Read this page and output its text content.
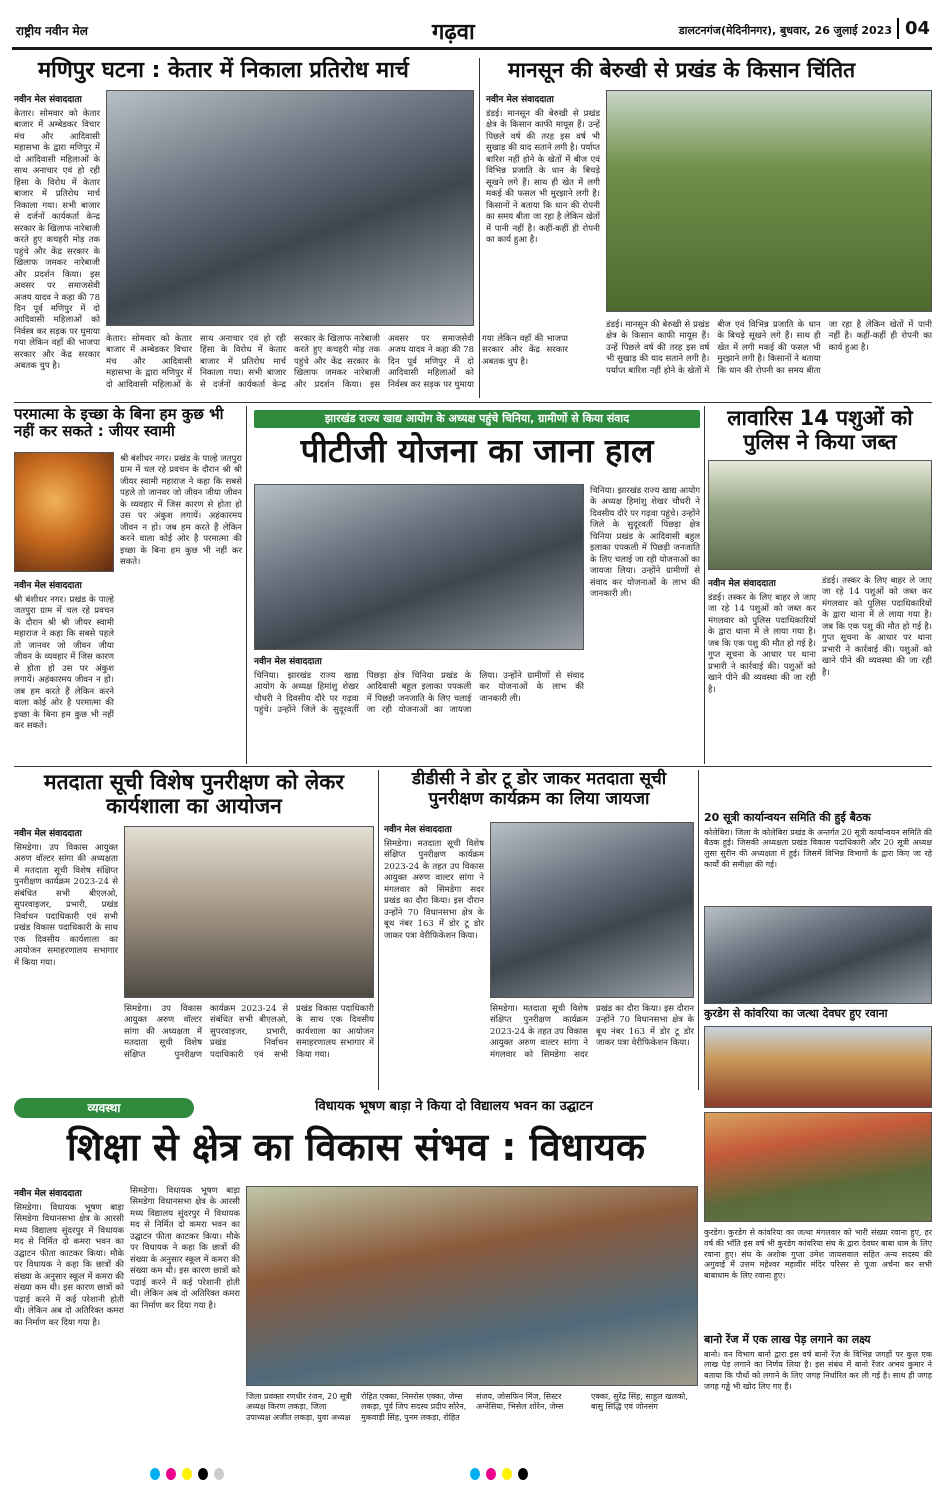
राष्ट्रीय नवीन मेल	गढ़वा	डालटनगंज(मेदिनीनगर), बुधवार, 26 जुलाई 2023 04
मणिपुर घटना : केतार में निकाला प्रतिरोध मार्च
नवीन मेल संवाददाता
केतार। सोमवार को केतार बाजार में अम्बेडकर विचार मंच और आदिवासी महासभा के द्वारा मणिपुर में दो आदिवासी महिलाओं के साथ अनाचार एवं हो रही हिंसा के विरोध में केतार बाजार में प्रतिरोध मार्च निकाला गया। सभी बाजार से दर्जनों कार्यकर्ता केन्द्र सरकार के खिलाफ नारेबाजी करते हुए कचहरी मोड़ तक पहुंचे और केंद्र सरकार के खिलाफ जमकर नारेबाजी और प्रदर्शन किया। इस अवसर पर समाजसेवी अजय यादव ने कहा की 78 दिन पूर्व मणिपुर में दो आदिवासी महिलाओं को निर्वस्त्र कर सड़क पर घुमाया गया लेकिन वहाँ की भाजपा सरकार और केंद्र सरकार अबतक चुप है।
केतार। सोमवार को केतार बाजार में अम्बेडकर विचार मंच और आदिवासी महासभा के द्वारा मणिपुर में दो आदिवासी महिलाओं के साथ अनाचार एवं हो रही हिंसा के विरोध में केतार बाजार में प्रतिरोध मार्च निकाला गया। सभी बाजार से दर्जनों कार्यकर्ता केन्द्र सरकार के खिलाफ नारेबाजी करते हुए कचहरी मोड़ तक पहुंचे और केंद्र सरकार के खिलाफ जमकर नारेबाजी और प्रदर्शन किया। इस अवसर पर समाजसेवी अजय यादव ने कहा की 78 दिन पूर्व मणिपुर में दो आदिवासी महिलाओं को निर्वस्त्र कर सड़क पर घुमाया गया लेकिन वहाँ की भाजपा सरकार और केंद्र सरकार अबतक चुप है।
मानसून की बेरुखी से प्रखंड के किसान चिंतित
नवीन मेल संवाददाता
डंडई। मानसून की बेरुखी से प्रखंड क्षेत्र के किसान काफी मायूस हैं। उन्हें पिछले वर्ष की तरह इस वर्ष भी सुखाड़ की याद सताने लगी है। पर्याप्त बारिश नहीं होने के खेतों में बीज एवं विभिन्न प्रजाति के धान के बिचड़े सूखने लगे हैं। साथ ही खेत में लगी मकई की फसल भी मुरझाने लगी है। किसानों ने बताया कि धान की रोपनी का समय बीता जा रहा है लेकिन खेतों में पानी नहीं है। कहीं-कहीं ही रोपनी का कार्य हुआ है।
डंडई। मानसून की बेरुखी से प्रखंड क्षेत्र के किसान काफी मायूस हैं। उन्हें पिछले वर्ष की तरह इस वर्ष भी सुखाड़ की याद सताने लगी है। पर्याप्त बारिश नहीं होने के खेतों में बीज एवं विभिन्न प्रजाति के धान के बिचड़े सूखने लगे हैं। साथ ही खेत में लगी मकई की फसल भी मुरझाने लगी है। किसानों ने बताया कि धान की रोपनी का समय बीता जा रहा है लेकिन खेतों में पानी नहीं है। कहीं-कहीं ही रोपनी का कार्य हुआ है।
परमात्मा के इच्छा के बिना हम कुछ भी नहीं कर सकते : जीयर स्वामी
नवीन मेल संवाददाता
श्री बंशीधर नगर। प्रखंड के पाल्हे जतपुरा ग्राम में चल रहे प्रवचन के दौरान श्री श्री जीयर स्वामी महाराज ने कहा कि सबसे पहले तो जानवर जो जीवन जीया जीवन के व्यवहार में जिस कारण से होता हो उस पर अंकुश लगायें। अहंकारमय जीवन न हो। जब हम करते हैं लेकिन करने वाला कोई ओर है परमात्मा की इच्छा के बिना हम कुछ भी नहीं कर सकते।
श्री बंशीधर नगर। प्रखंड के पाल्हे जतपुरा ग्राम में चल रहे प्रवचन के दौरान श्री श्री जीयर स्वामी महाराज ने कहा कि सबसे पहले तो जानवर जो जीवन जीया जीवन के व्यवहार में जिस कारण से होता हो उस पर अंकुश लगायें। अहंकारमय जीवन न हो। जब हम करते हैं लेकिन करने वाला कोई ओर है परमात्मा की इच्छा के बिना हम कुछ भी नहीं कर सकते।
झारखंड राज्य खाद्य आयोग के अध्यक्ष पहुंचे चिनिया, ग्रामीणों से किया संवाद
पीटीजी योजना का जाना हाल
नवीन मेल संवाददाता
चिनिया। झारखंड राज्य खाद्य आयोग के अध्यक्ष हिमांशु शेखर चौधरी ने दिवसीय दौरे पर गढ़वा पहुंचे। उन्होंने जिले के सुदूरवर्ती पिछड़ा क्षेत्र चिनिया प्रखंड के आदिवासी बहुल इलाका पपकली में पिछड़ी जनजाति के लिए चलाई जा रही योजनाओं का जायजा लिया। उन्होंने ग्रामीणों से संवाद कर योजनाओं के लाभ की जानकारी ली।
चिनिया। झारखंड राज्य खाद्य आयोग के अध्यक्ष हिमांशु शेखर चौधरी ने दिवसीय दौरे पर गढ़वा पहुंचे। उन्होंने जिले के सुदूरवर्ती पिछड़ा क्षेत्र चिनिया प्रखंड के आदिवासी बहुल इलाका पपकली में पिछड़ी जनजाति के लिए चलाई जा रही योजनाओं का जायजा लिया। उन्होंने ग्रामीणों से संवाद कर योजनाओं के लाभ की जानकारी ली।
लावारिस 14 पशुओं को पुलिस ने किया जब्त
नवीन मेल संवाददाता
डंडई। तस्कर के लिए बाहर ले जाए जा रहे 14 पशुओं को जब्त कर मंगलवार को पुलिस पदाधिकारियों के द्वारा थाना में ले लाया गया है। जब कि एक पशु की मौत हो गई है। गुप्त सूचना के आधार पर थाना प्रभारी ने कार्रवाई की। पशुओं को खाने पीने की व्यवस्था की जा रही है।
डंडई। तस्कर के लिए बाहर ले जाए जा रहे 14 पशुओं को जब्त कर मंगलवार को पुलिस पदाधिकारियों के द्वारा थाना में ले लाया गया है। जब कि एक पशु की मौत हो गई है। गुप्त सूचना के आधार पर थाना प्रभारी ने कार्रवाई की। पशुओं को खाने पीने की व्यवस्था की जा रही है।
मतदाता सूची विशेष पुनरीक्षण को लेकर कार्यशाला का आयोजन
नवीन मेल संवाददाता
सिमडेगा। उप विकास आयुक्त अरुण वॉल्टर सांगा की अध्यक्षता में मतदाता सूची विशेष संक्षिप्त पुनरीक्षण कार्यक्रम 2023-24 से संबंधित सभी बीएलओ, सुपरवाइजर, प्रभारी, प्रखंड निर्वाचन पदाधिकारी एवं सभी प्रखंड विकास पदाधिकारी के साथ एक दिवसीय कार्यशाला का आयोजन समाहरणालय सभागार में किया गया।
सिमडेगा। उप विकास आयुक्त अरुण वॉल्टर सांगा की अध्यक्षता में मतदाता सूची विशेष संक्षिप्त पुनरीक्षण कार्यक्रम 2023-24 से संबंधित सभी बीएलओ, सुपरवाइजर, प्रभारी, प्रखंड निर्वाचन पदाधिकारी एवं सभी प्रखंड विकास पदाधिकारी के साथ एक दिवसीय कार्यशाला का आयोजन समाहरणालय सभागार में किया गया।
डीडीसी ने डोर टू डोर जाकर मतदाता सूची पुनरीक्षण कार्यक्रम का लिया जायजा
नवीन मेल संवाददाता
सिमडेगा। मतदाता सूची विशेष संक्षिप्त पुनरीक्षण कार्यक्रम 2023-24 के तहत उप विकास आयुक्त अरुण वाल्टर सांगा ने मंगलवार को सिमडेगा सदर प्रखंड का दौरा किया। इस दौरान उन्होंने 70 विधानसभा क्षेत्र के बूथ नंबर 163 में डोर टू डोर जाकर पत्रा वेरीफिकेशन किया।
सिमडेगा। मतदाता सूची विशेष संक्षिप्त पुनरीक्षण कार्यक्रम 2023-24 के तहत उप विकास आयुक्त अरुण वाल्टर सांगा ने मंगलवार को सिमडेगा सदर प्रखंड का दौरा किया। इस दौरान उन्होंने 70 विधानसभा क्षेत्र के बूथ नंबर 163 में डोर टू डोर जाकर पत्रा वेरीफिकेशन किया।
20 सूत्री कार्यान्वयन समिति की हुई बैठक
कोलेबिरा। जिला के कोलेबिरा प्रखंड के अन्तर्गत 20 सूत्री कार्यान्वयन समिति की बैठक हुई। जिसकी अध्यक्षता प्रखंड विकास पदाधिकारी और 20 सूत्री अध्यक्ष लुसा सुरीन की अध्यक्षता में हुई। जिसमें विभिन्न विभागों के द्वारा किए जा रहे कार्यों की समीक्षा की गई।
कुरडेग से कांवरिया का जत्था देवघर हुए रवाना
कुरडेग। कुरडेग से कांवरिया का जत्था मंगलवार को भारी संख्या रवाना हुए, हर वर्ष की भाँति इस वर्ष भी कुरडेग कांवरिया संघ के द्वारा देवघर बाबा धाम के लिए रवाना हुए। संघ के अशोक गुप्ता उमेश जायसवाल सहित अन्य सदस्य की अगुवाई में उत्तम महेश्वर महावीर मंदिर परिसर से पूजा अर्चना कर सभी बाबाधाम के लिए रवाना हुए।
बानो रेंज में एक लाख पेड़ लगाने का लक्ष्य
बानो। वन विभाग बानो द्वारा इस वर्ष बानो रेंज के विभिन्न जगहों पर कुल एक लाख पेड़ लगाने का निर्णय लिया है। इस संबंध में बानो रेंजर अभय कुमार ने बताया कि पौधों को लगाने के लिए जगह निर्धारित कर ली गई है। साथ ही जगह जगह गड्ढे भी खोद लिए गए हैं।
व्यवस्था	विधायक भूषण बाड़ा ने किया दो विद्यालय भवन का उद्घाटन
शिक्षा से क्षेत्र का विकास संभव : विधायक
नवीन मेल संवाददाता
सिमडेगा। विधायक भूषण बाड़ा सिमडेगा विधानसभा क्षेत्र के आरसी मध्य विद्यालय सुंदरपुर में विधायक मद से निर्मित दो कमरा भवन का उद्घाटन फीता काटकर किया। मौके पर विधायक ने कहा कि छात्रों की संख्या के अनुसार स्कूल में कमरा की संख्या कम थी। इस कारण छात्रों को पढ़ाई करने में कई परेशानी होती थी। लेकिन अब दो अतिरिक्त कमरा का निर्माण कर दिया गया है।
सिमडेगा। विधायक भूषण बाड़ा सिमडेगा विधानसभा क्षेत्र के आरसी मध्य विद्यालय सुंदरपुर में विधायक मद से निर्मित दो कमरा भवन का उद्घाटन फीता काटकर किया। मौके पर विधायक ने कहा कि छात्रों की संख्या के अनुसार स्कूल में कमरा की संख्या कम थी। इस कारण छात्रों को पढ़ाई करने में कई परेशानी होती थी। लेकिन अब दो अतिरिक्त कमरा का निर्माण कर दिया गया है।
जिला प्रवक्ता रणधीर रंजन, 20 सूत्री अध्यक्ष किरण लकड़ा, जिला उपाध्यक्ष अजीत लकड़ा, युवा अध्यक्ष रोहित एक्का, निमरोस एक्का, जेम्स लकड़ा, पूर्व जिप सदस्य प्रदीप सोरेन, मुकवाड़ी सिंह, पुनम लकड़ा, रोहित संजय, जोसफिन मिंज, सिस्टर अग्नेसिया, भिसेल शोरेन, जेम्स एक्का, सुरेंद्र सिंह, साहुल खलको, बासु सिद्धि एवं जोनसंग
